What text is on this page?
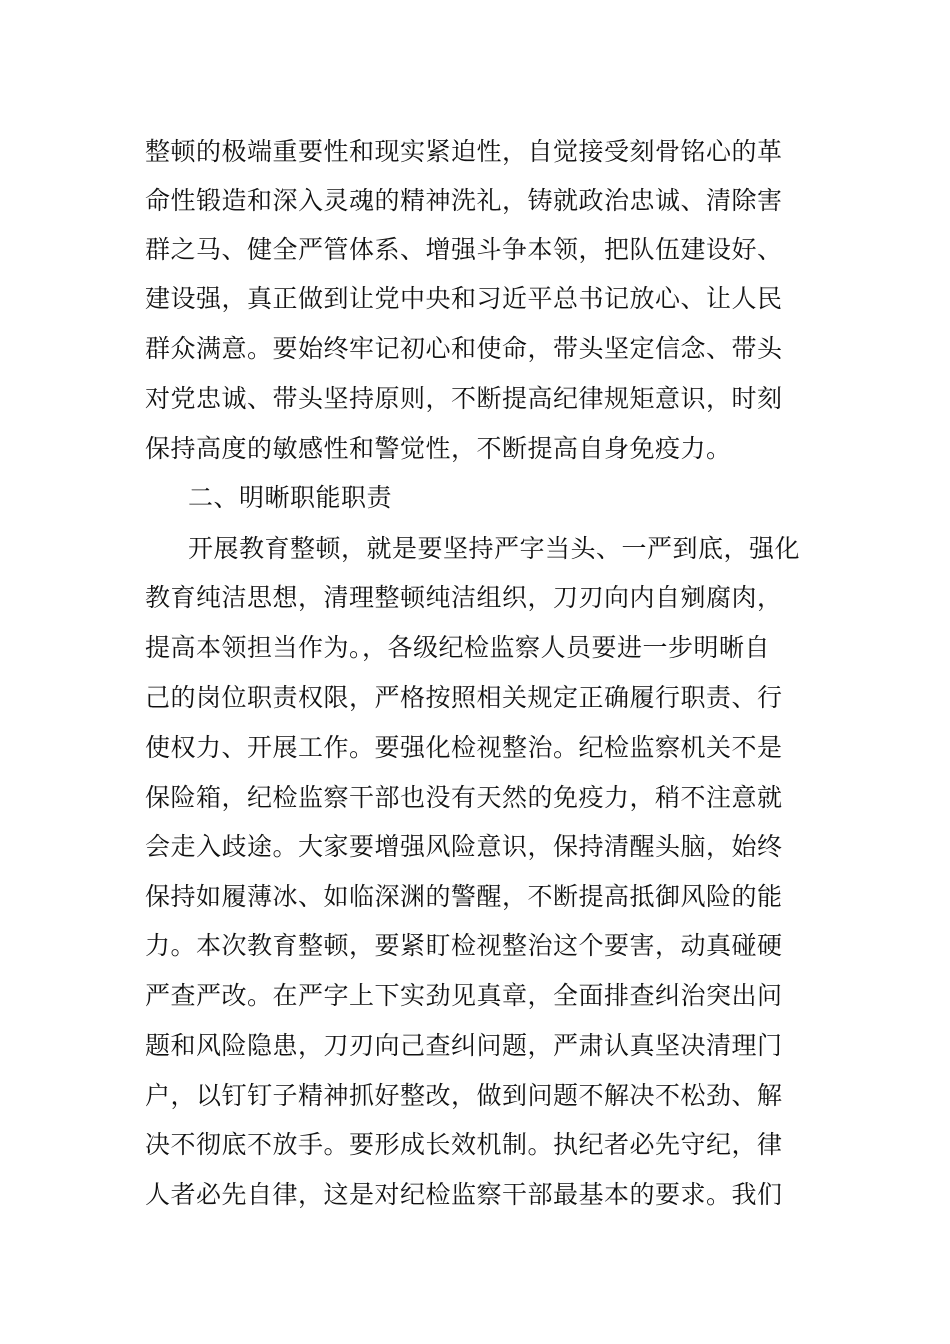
整顿的极端重要性和现实紧迫性，自觉接受刻骨铭心的革
命性锻造和深入灵魂的精神洗礼，铸就政治忠诚、清除害
群之马、健全严管体系、增强斗争本领，把队伍建设好、
建设强，真正做到让党中央和习近平总书记放心、让人民
群众满意。要始终牢记初心和使命，带头坚定信念、带头
对党忠诚、带头坚持原则，不断提高纪律规矩意识，时刻
保持高度的敏感性和警觉性，不断提高自身免疫力。
二、明晰职能职责
开展教育整顿，就是要坚持严字当头、一严到底，强化
教育纯洁思想，清理整顿纯洁组织，刀刃向内自剜腐肉，
提高本领担当作为。，各级纪检监察人员要进一步明晰自
己的岗位职责权限，严格按照相关规定正确履行职责、行
使权力、开展工作。要强化检视整治。纪检监察机关不是
保险箱，纪检监察干部也没有天然的免疫力，稍不注意就
会走入歧途。大家要增强风险意识，保持清醒头脑，始终
保持如履薄冰、如临深渊的警醒，不断提高抵御风险的能
力。本次教育整顿，要紧盯检视整治这个要害，动真碰硬
严查严改。在严字上下实劲见真章，全面排查纠治突出问
题和风险隐患，刀刃向己查纠问题，严肃认真坚决清理门
户，以钉钉子精神抓好整改，做到问题不解决不松劲、解
决不彻底不放手。要形成长效机制。执纪者必先守纪，律
人者必先自律，这是对纪检监察干部最基本的要求。我们
